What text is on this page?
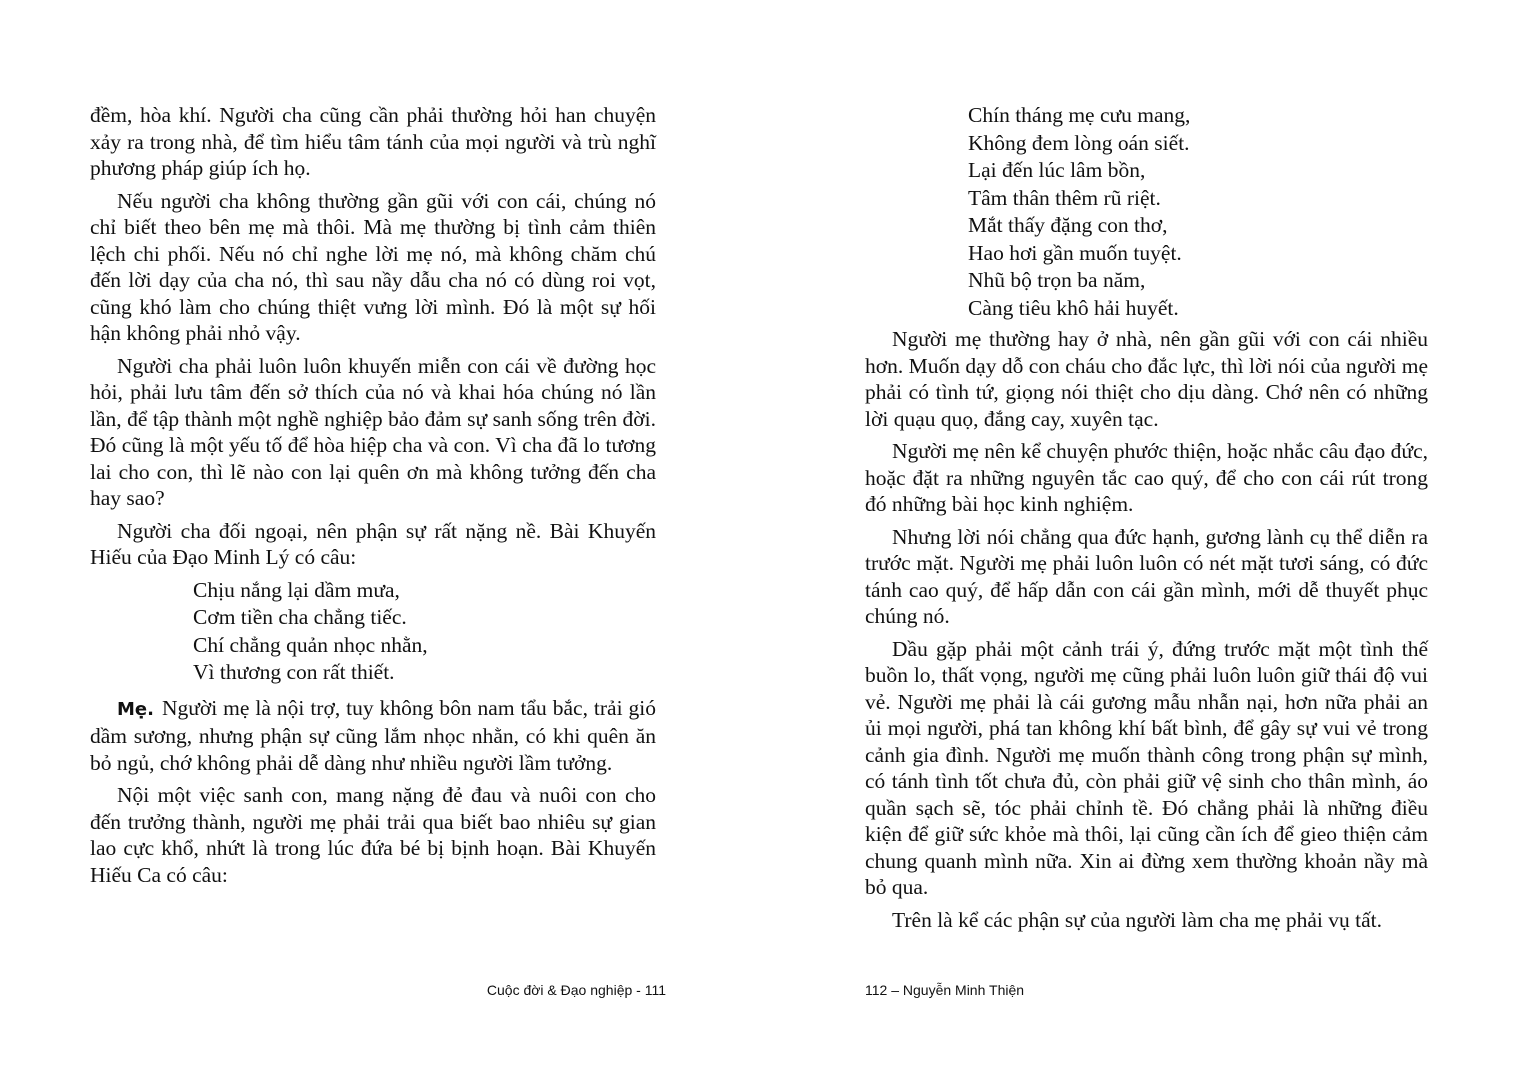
đềm, hòa khí. Người cha cũng cần phải thường hỏi han chuyện xảy ra trong nhà, để tìm hiểu tâm tánh của mọi người và trù nghĩ phương pháp giúp ích họ.

Nếu người cha không thường gần gũi với con cái, chúng nó chỉ biết theo bên mẹ mà thôi. Mà mẹ thường bị tình cảm thiên lệch chi phối. Nếu nó chỉ nghe lời mẹ nó, mà không chăm chú đến lời dạy của cha nó, thì sau nầy dẫu cha nó có dùng roi vọt, cũng khó làm cho chúng thiệt vưng lời mình. Đó là một sự hối hận không phải nhỏ vậy.

Người cha phải luôn luôn khuyến miễn con cái về đường học hỏi, phải lưu tâm đến sở thích của nó và khai hóa chúng nó lần lần, để tập thành một nghề nghiệp bảo đảm sự sanh sống trên đời. Đó cũng là một yếu tố để hòa hiệp cha và con. Vì cha đã lo tương lai cho con, thì lẽ nào con lại quên ơn mà không tưởng đến cha hay sao?

Người cha đối ngoại, nên phận sự rất nặng nề. Bài Khuyến Hiếu của Đạo Minh Lý có câu:

Chịu nắng lại dầm mưa,
Cơm tiền cha chẳng tiếc.
Chí chẳng quản nhọc nhằn,
Vì thương con rất thiết.

Mẹ. Người mẹ là nội trợ, tuy không bôn nam tẩu bắc, trải gió dầm sương, nhưng phận sự cũng lắm nhọc nhằn, có khi quên ăn bỏ ngủ, chớ không phải dễ dàng như nhiều người lầm tưởng.

Nội một việc sanh con, mang nặng đẻ đau và nuôi con cho đến trưởng thành, người mẹ phải trải qua biết bao nhiêu sự gian lao cực khổ, nhứt là trong lúc đứa bé bị bịnh hoạn. Bài Khuyến Hiếu Ca có câu:

Chín tháng mẹ cưu mang,
Không đem lòng oán siết.
Lại đến lúc lâm bồn,
Tâm thân thêm rũ riệt.
Mắt thấy đặng con thơ,
Hao hơi gần muốn tuyệt.
Nhũ bộ trọn ba năm,
Càng tiêu khô hải huyết.

Người mẹ thường hay ở nhà, nên gần gũi với con cái nhiều hơn. Muốn dạy dỗ con cháu cho đắc lực, thì lời nói của người mẹ phải có tình tứ, giọng nói thiệt cho dịu dàng. Chớ nên có những lời quạu quọ, đắng cay, xuyên tạc.

Người mẹ nên kể chuyện phước thiện, hoặc nhắc câu đạo đức, hoặc đặt ra những nguyên tắc cao quý, để cho con cái rút trong đó những bài học kinh nghiệm.

Nhưng lời nói chẳng qua đức hạnh, gương lành cụ thể diễn ra trước mặt. Người mẹ phải luôn luôn có nét mặt tươi sáng, có đức tánh cao quý, để hấp dẫn con cái gần mình, mới dễ thuyết phục chúng nó.

Dầu gặp phải một cảnh trái ý, đứng trước mặt một tình thế buồn lo, thất vọng, người mẹ cũng phải luôn luôn giữ thái độ vui vẻ. Người mẹ phải là cái gương mẫu nhẫn nại, hơn nữa phải an ủi mọi người, phá tan không khí bất bình, để gây sự vui vẻ trong cảnh gia đình. Người mẹ muốn thành công trong phận sự mình, có tánh tình tốt chưa đủ, còn phải giữ vệ sinh cho thân mình, áo quần sạch sẽ, tóc phải chỉnh tề. Đó chẳng phải là những điều kiện để giữ sức khỏe mà thôi, lại cũng cần ích để gieo thiện cảm chung quanh mình nữa. Xin ai đừng xem thường khoản nầy mà bỏ qua.

Trên là kể các phận sự của người làm cha mẹ phải vụ tất.

Cuộc đời & Đạo nghiệp - 111	112 – Nguyễn Minh Thiện
